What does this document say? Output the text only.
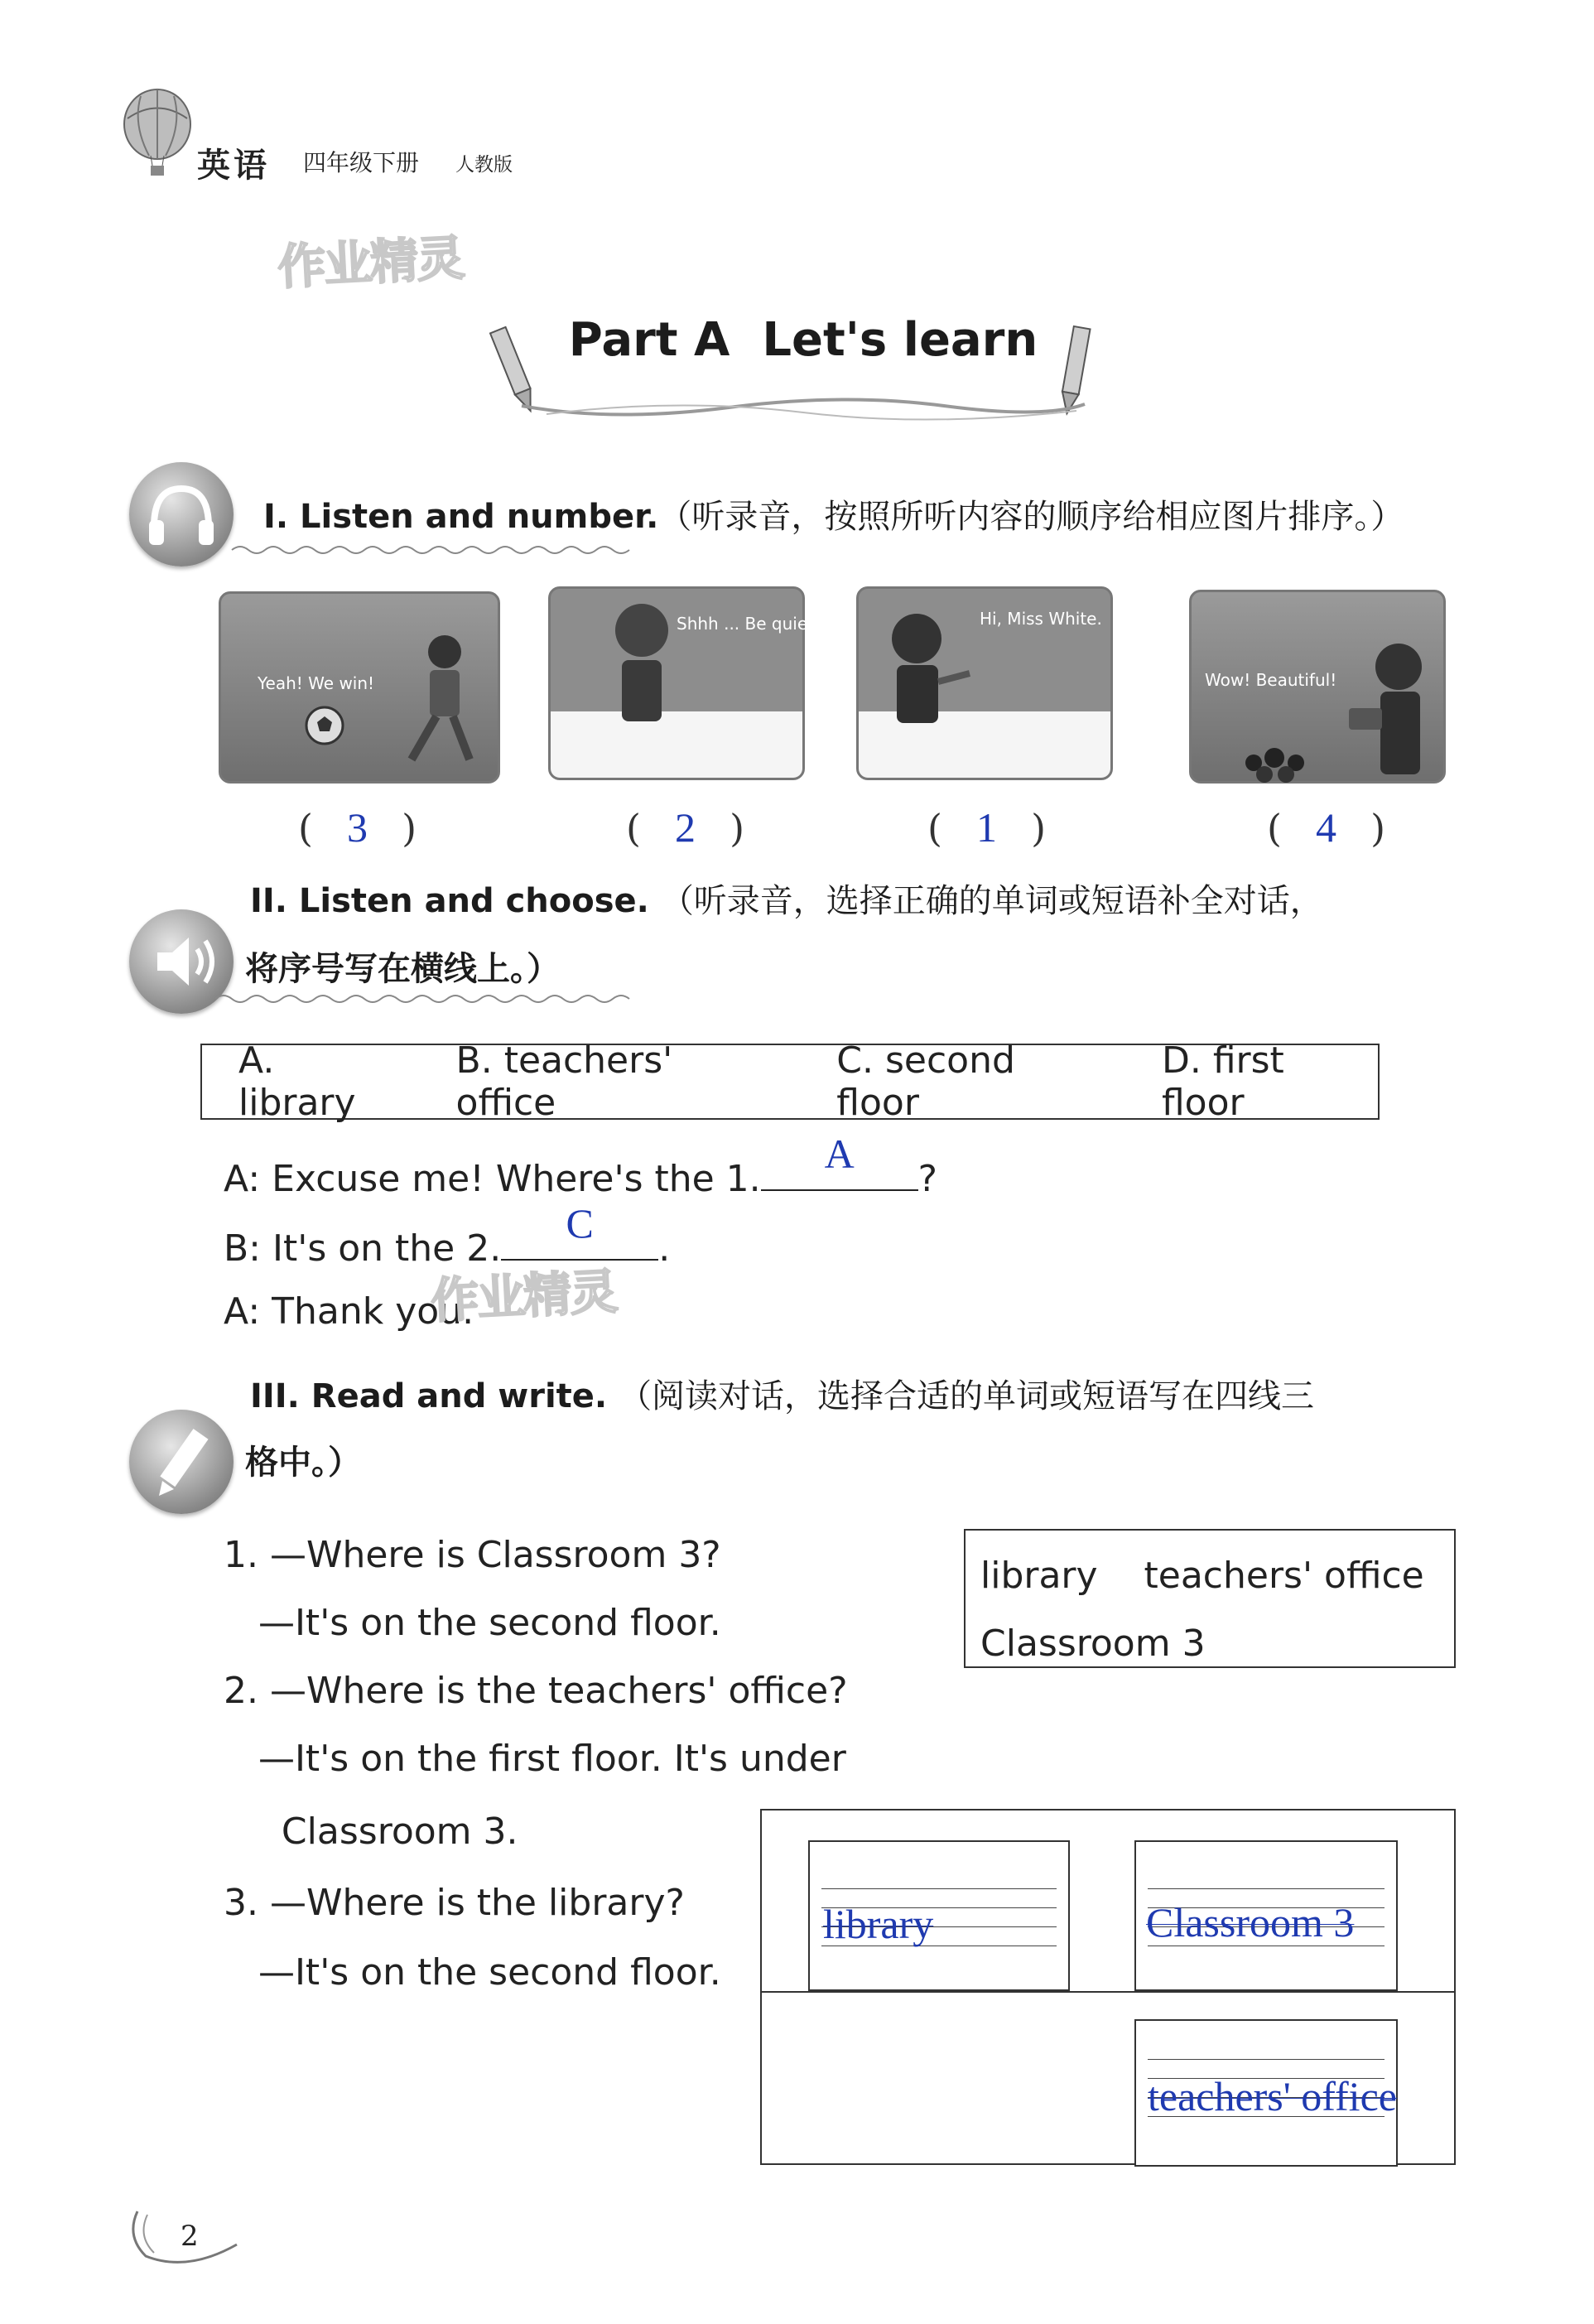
英语 四年级下册 人教版
作业精灵
Part A  Let's learn
I. Listen and number.（听录音，按照所听内容的顺序给相应图片排序。）
Yeah! We win!
Shhh ... Be quiet!	Hi, Miss White.
Wow! Beautiful!
( 3 )	( 2 )	( 1 )	( 4 )
II. Listen and choose. （听录音，选择正确的单词或短语补全对话，
将序号写在横线上。）
A. library
B. teachers' office
C. second floor
D. first floor
A: Excuse me! Where's the 1.
A
?
B: It's on the 2.
C
.
A: Thank you.
作业精灵
III. Read and write. （阅读对话，选择合适的单词或短语写在四线三
格中。）
1. —Where is Classroom 3?
—It's on the second floor.
2. —Where is the teachers' office?
—It's on the first floor. It's under
Classroom 3.
3. —Where is the library?
—It's on the second floor.
library    teachers' office
Classroom 3
library	Classroom 3
teachers' office
2
